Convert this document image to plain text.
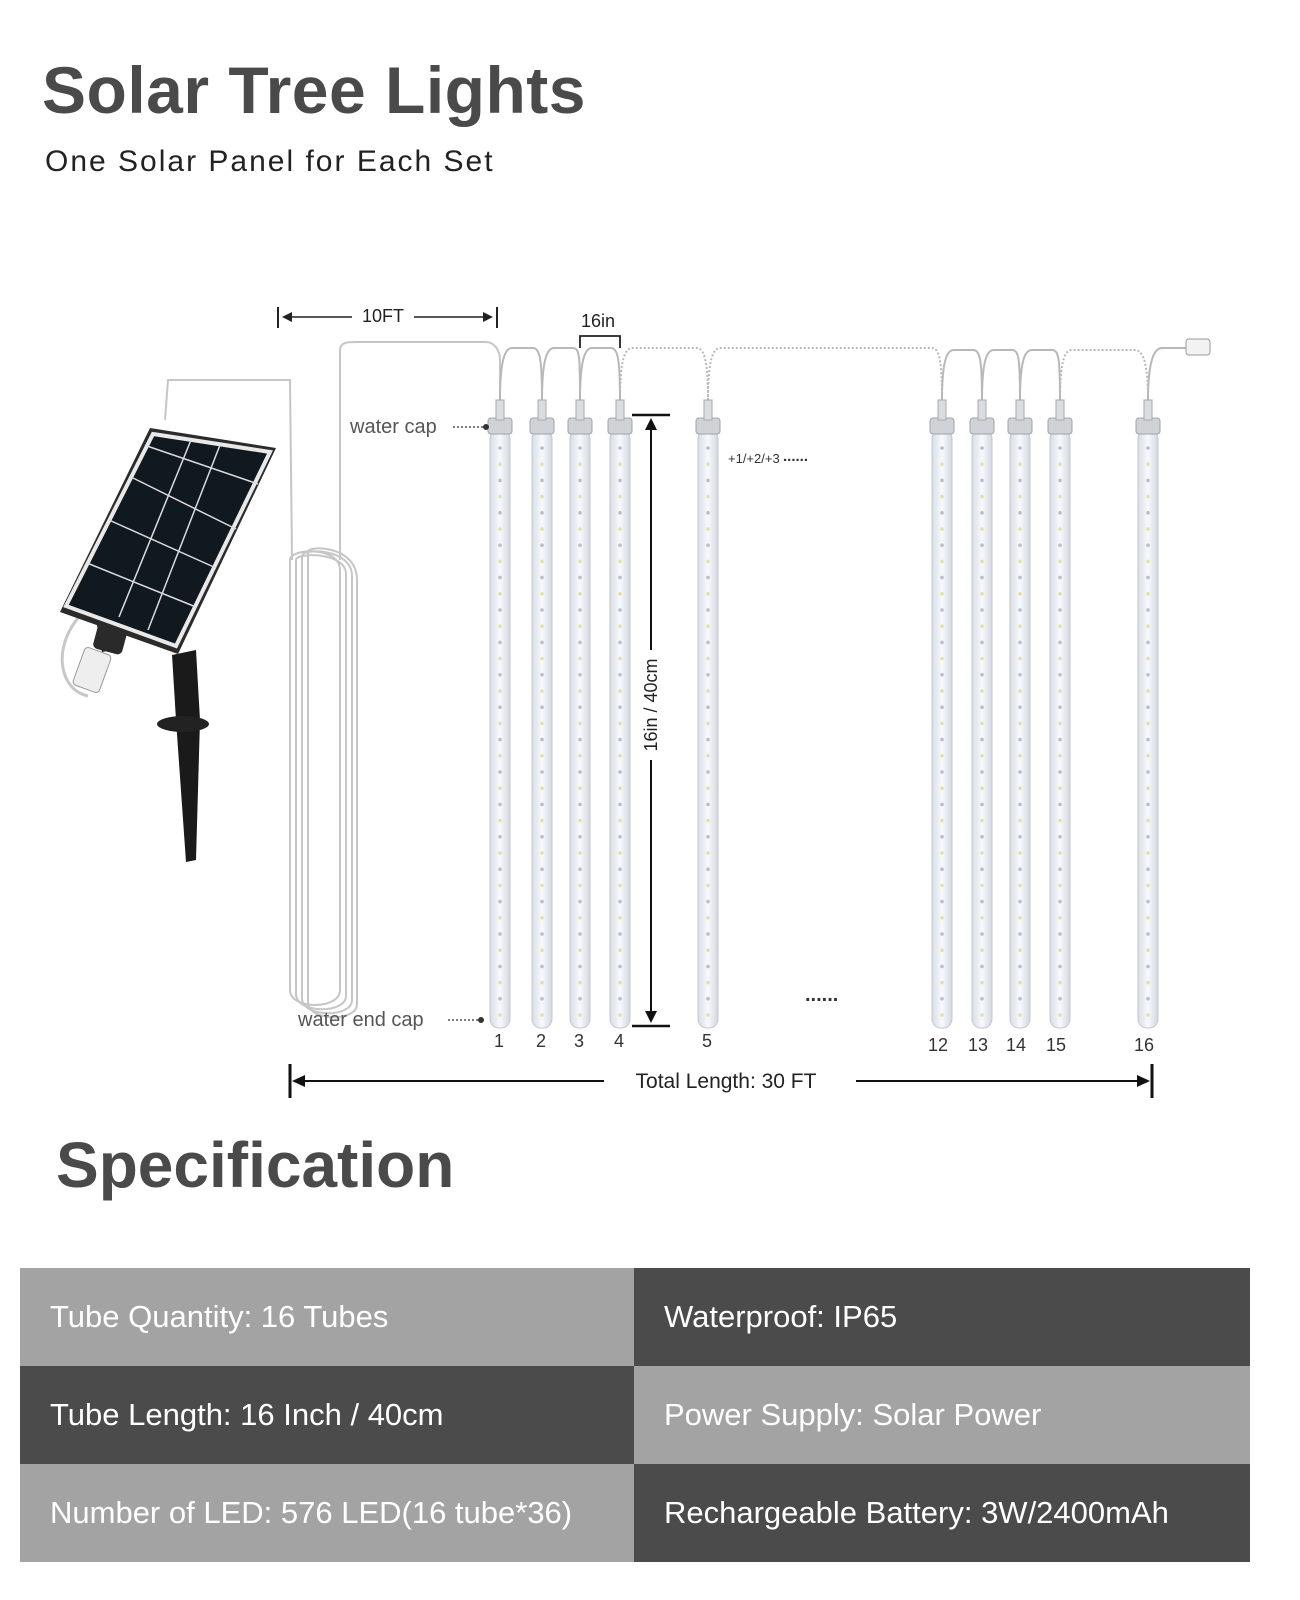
Solar Tree Lights

One Solar Panel for Each Set

10FT	16in
water cap
water end cap
16in / 40cm
+1/+2/+3 ......
......
1 2 3 4	5	12 13 14 15	16
Total Length: 30 FT
Specification
Tube Quantity: 16 Tubes	Waterproof: IP65
Tube Length: 16 Inch / 40cm	Power Supply: Solar Power
Number of LED: 576 LED(16 tube*36)	Rechargeable Battery: 3W/2400mAh
